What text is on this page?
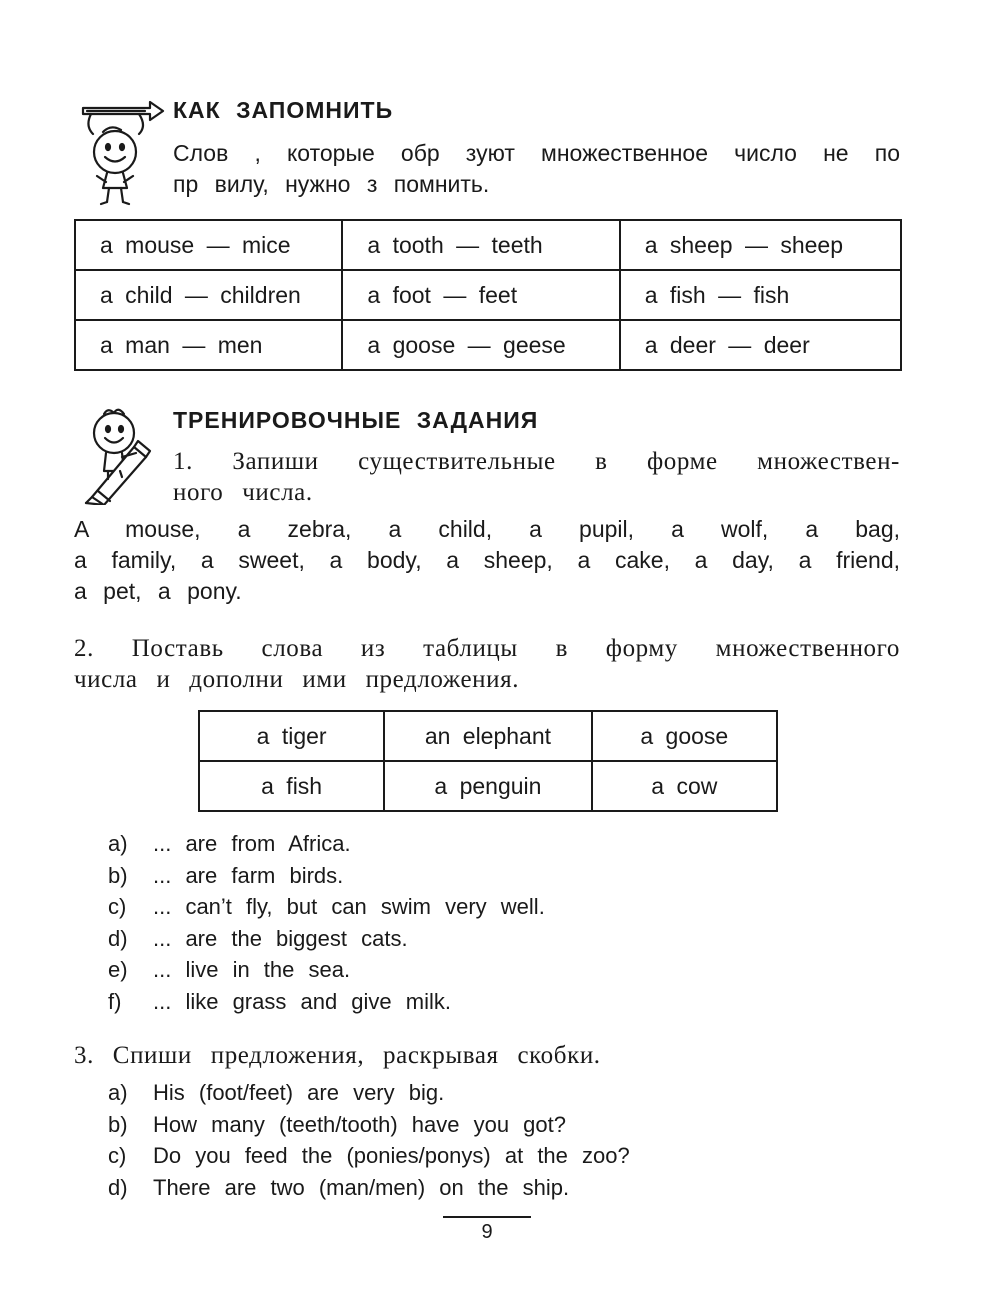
КАК ЗАПОМНИТЬ
Слов , которые обр зуют множественное число не по
пр вилу, нужно з помнить.
a mouse — mice	a tooth — teeth	a sheep — sheep
a child — children	a foot — feet	a fish — fish
a man — men	a goose — geese	a deer — deer
ТРЕНИРОВОЧНЫЕ ЗАДАНИЯ
1. Запиши существительные в форме множествен-
ного числа.
A mouse, a zebra, a child, a pupil, a wolf, a bag,
a family, a sweet, a body, a sheep, a cake, a day, a friend,
a pet, a pony.
2. Поставь слова из таблицы в форму множественного
числа и дополни ими предложения.
a tiger	an elephant	a goose
a fish	a penguin	a cow
a) ... are from Africa.
b) ... are farm birds.
c) ... can’t fly, but can swim very well.
d) ... are the biggest cats.
e) ... live in the sea.
f) ... like grass and give milk.
3. Спиши предложения, раскрывая скобки.
a) His (foot/feet) are very big.
b) How many (teeth/tooth) have you got?
c) Do you feed the (ponies/ponys) at the zoo?
d) There are two (man/men) on the ship.
9
